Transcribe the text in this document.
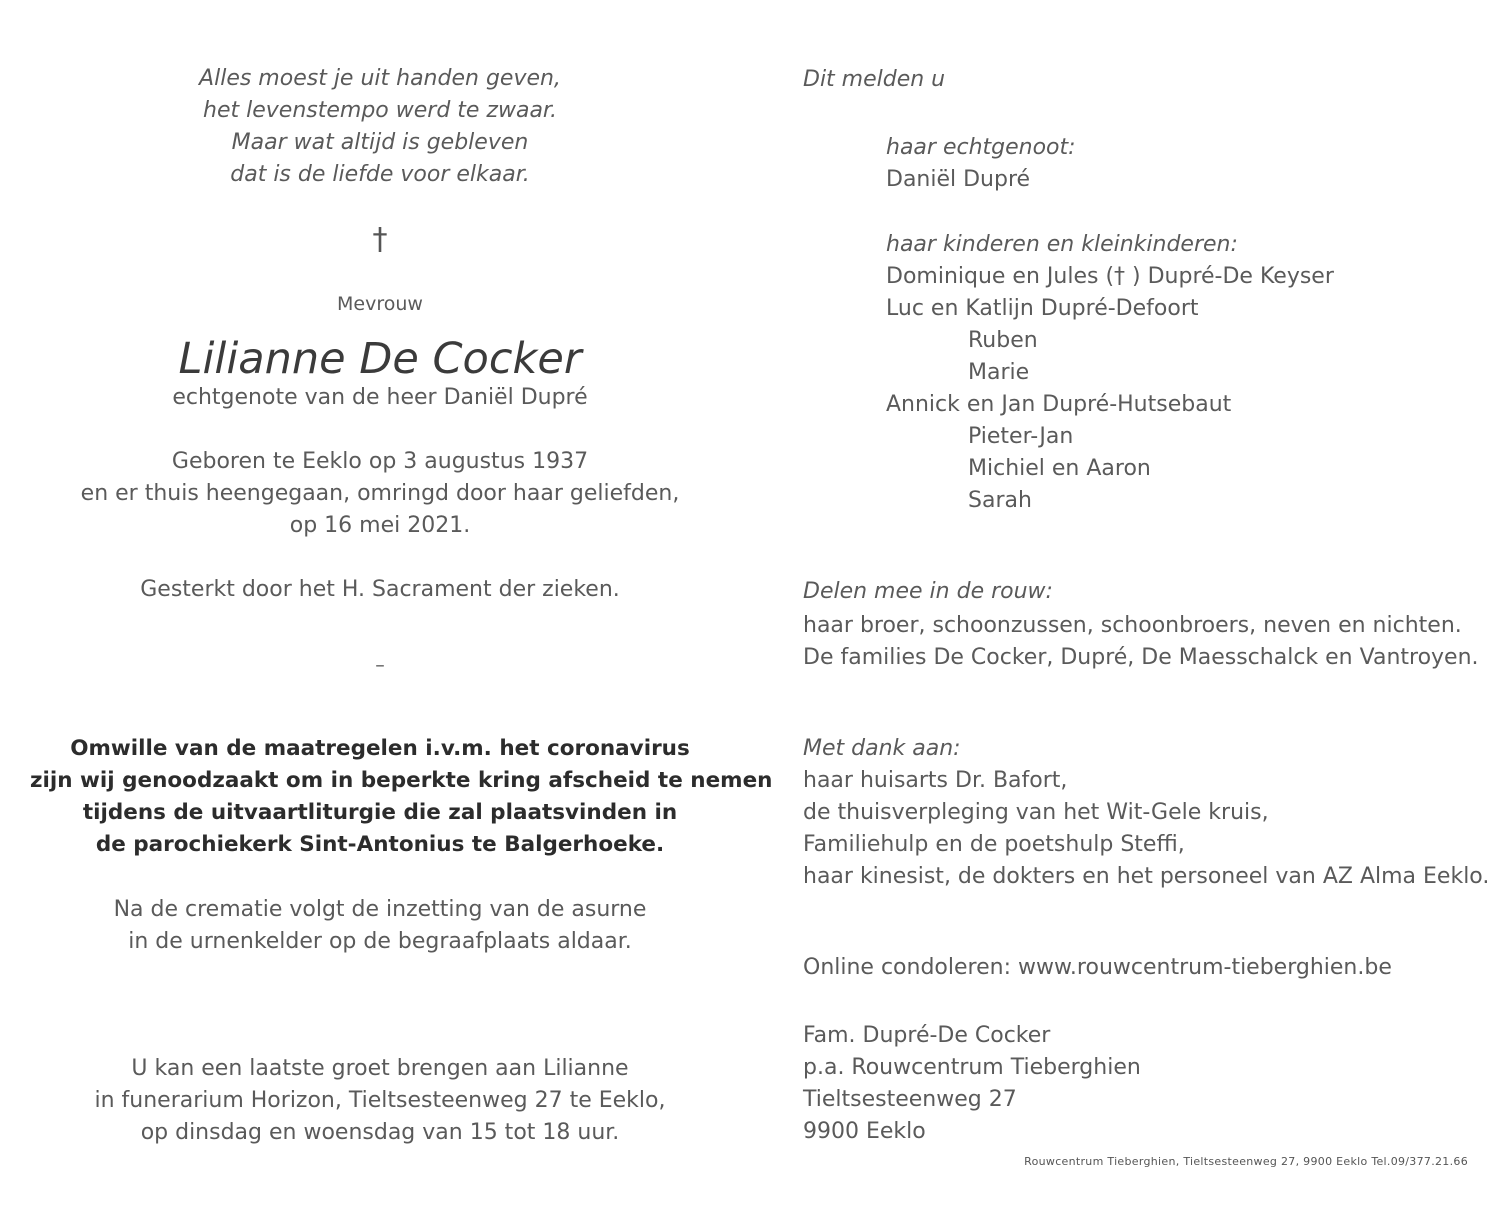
Alles moest je uit handen geven,
het levenstempo werd te zwaar.
Maar wat altijd is gebleven
dat is de liefde voor elkaar.
†
Mevrouw
Lilianne De Cocker
echtgenote van de heer Daniël Dupré
Geboren te Eeklo op 3 augustus 1937
en er thuis heengegaan, omringd door haar geliefden,
op 16 mei 2021.
Gesterkt door het H. Sacrament der zieken.
–
Omwille van de maatregelen i.v.m. het coronavirus
zijn wij genoodzaakt om in beperkte kring afscheid te nemen
tijdens de uitvaartliturgie die zal plaatsvinden in
de parochiekerk Sint-Antonius te Balgerhoeke.
Na de crematie volgt de inzetting van de asurne
in de urnenkelder op de begraafplaats aldaar.
U kan een laatste groet brengen aan Lilianne
in funerarium Horizon, Tieltsesteenweg 27 te Eeklo,
op dinsdag en woensdag van 15 tot 18 uur.
Dit melden u
haar echtgenoot:
Daniël Dupré
haar kinderen en kleinkinderen:
Dominique en Jules († ) Dupré-De Keyser
Luc en Katlijn Dupré-Defoort
Ruben
Marie
Annick en Jan Dupré-Hutsebaut
Pieter-Jan
Michiel en Aaron
Sarah
Delen mee in de rouw:
haar broer, schoonzussen, schoonbroers, neven en nichten.
De families De Cocker, Dupré, De Maesschalck en Vantroyen.
Met dank aan:
haar huisarts Dr. Bafort,
de thuisverpleging van het Wit-Gele kruis,
Familiehulp en de poetshulp Steffi,
haar kinesist, de dokters en het personeel van AZ Alma Eeklo.
Online condoleren: www.rouwcentrum-tieberghien.be
Fam. Dupré-De Cocker
p.a. Rouwcentrum Tieberghien
Tieltsesteenweg 27
9900 Eeklo
Rouwcentrum Tieberghien, Tieltsesteenweg 27, 9900 Eeklo Tel.09/377.21.66
